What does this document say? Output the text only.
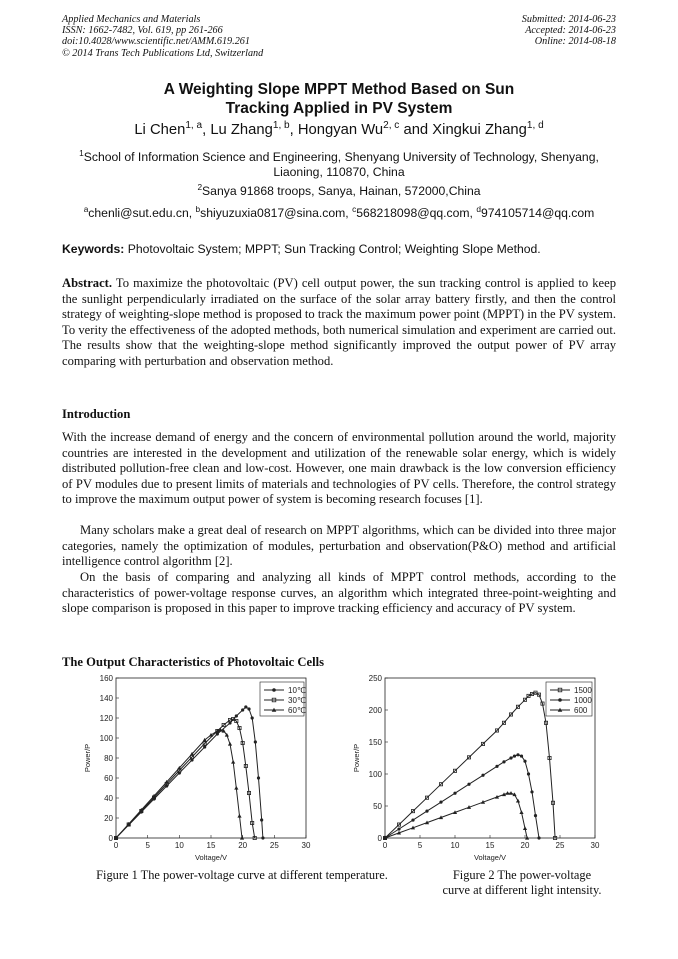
Applied Mechanics and Materials
ISSN: 1662-7482, Vol. 619, pp 261-266
doi:10.4028/www.scientific.net/AMM.619.261
© 2014 Trans Tech Publications Ltd, Switzerland
Submitted: 2014-06-23
Accepted: 2014-06-23
Online: 2014-08-18
A Weighting Slope MPPT Method Based on Sun
Tracking Applied in PV System
Li Chen$^{1, a}$, Lu Zhang$^{1, b}$, Hongyan Wu$^{2, c}$ and Xingkui Zhang$^{1, d}$
$^1$School of Information Science and Engineering, Shenyang University of Technology, Shenyang, Liaoning, 110870, China
$^2$Sanya 91868 troops, Sanya, Hainan, 572000,China
$^a$chenli@sut.edu.cn, $^b$shiyuzuxia0817@sina.com, $^c$568218098@qq.com, $^d$974105714@qq.com
Keywords: Photovoltaic System; MPPT; Sun Tracking Control; Weighting Slope Method.
Abstract. To maximize the photovoltaic (PV) cell output power, the sun tracking control is applied to keep the sunlight perpendicularly irradiated on the surface of the solar array battery firstly, and then the control strategy of weighting-slope method is proposed to track the maximum power point (MPPT) in the PV system. To verity the effectiveness of the adopted methods, both numerical simulation and experiment are carried out. The results show that the weighting-slope method significantly improved the output power of PV array comparing with perturbation and observation method.
Introduction
With the increase demand of energy and the concern of environmental pollution around the world, majority countries are interested in the development and utilization of the renewable solar energy, which is widely distributed pollution-free clean and low-cost. However, one main drawback is the low conversion efficiency of PV modules due to present limits of materials and technologies of PV cells. Therefore, the control strategy to improve the maximum output power of system is becoming research focuses [1].
Many scholars make a great deal of research on MPPT algorithms, which can be divided into three major categories, namely the optimization of modules, perturbation and observation(P&O) method and artificial intelligence control algorithm [2].
On the basis of comparing and analyzing all kinds of MPPT control methods, according to the characteristics of power-voltage response curves, an algorithm which integrated three-point-weighting and slope comparison is proposed in this paper to improve tracking efficiency and accuracy of PV system.
The Output Characteristics of Photovoltaic Cells
0	5	10	15	20	25	30
0
20
40
60
80
100
120
140
160
Voltage/V
Power/P
10℃
30℃
60℃
0	5	10	15	20	25	30
0
50
100
150
200
250
Voltage/V
Power/P
1500
1000
600
Figure 1 The power-voltage curve at different temperature.	Figure 2 The power-voltage
curve at different light intensity.
